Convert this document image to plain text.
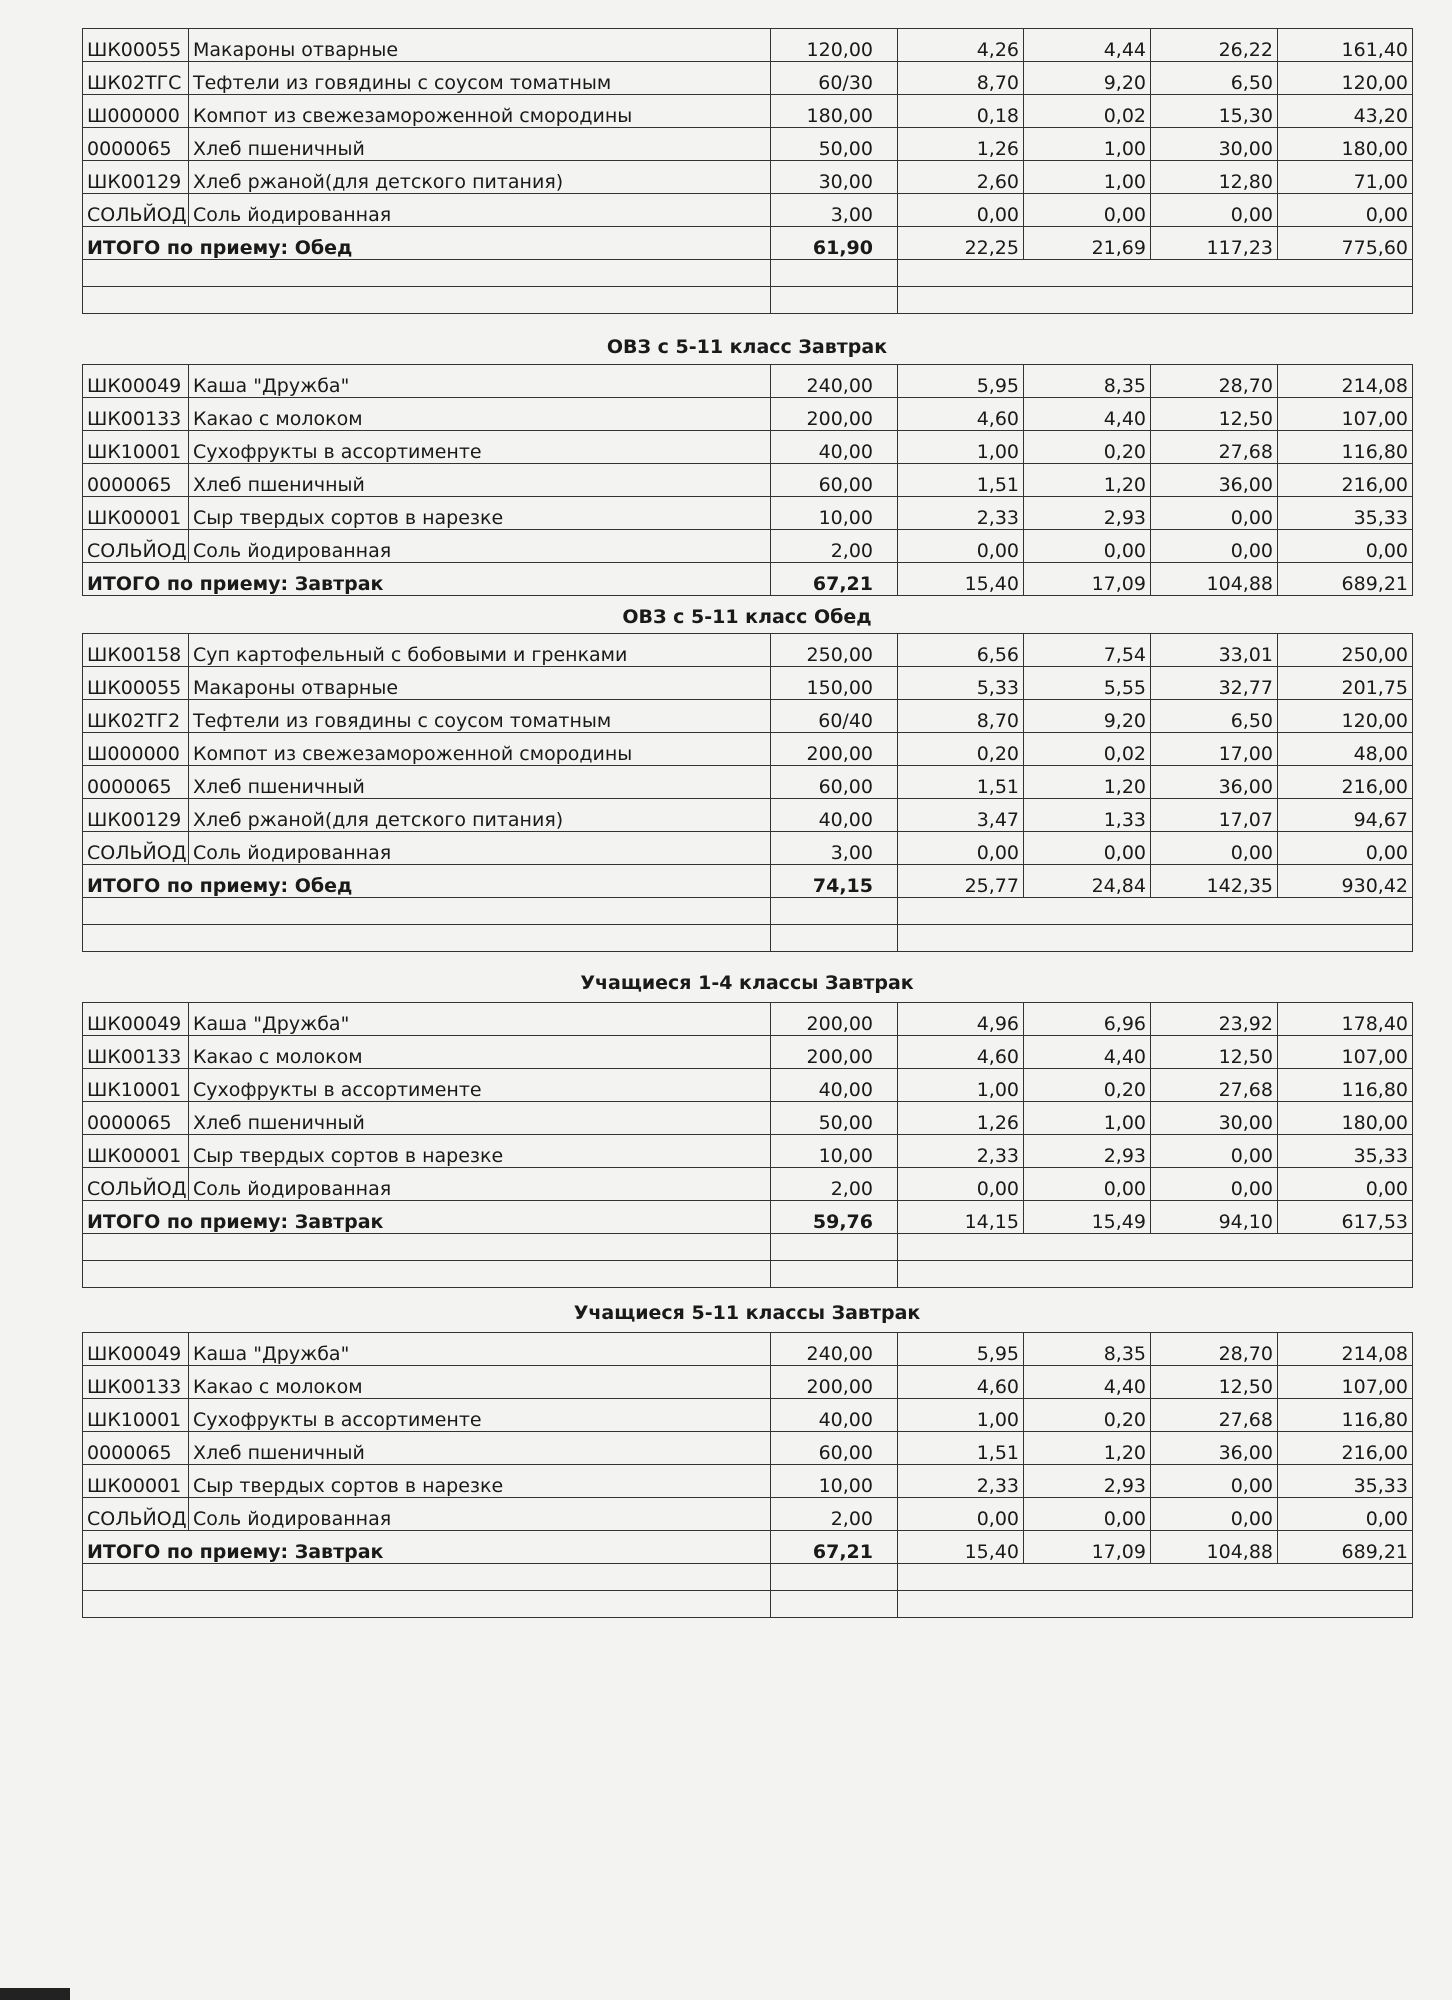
ШК00055	Макароны отварные	120,00	4,26	4,44	26,22	161,40
ШК02ТГС	Тефтели из говядины с соусом томатным	60/30	8,70	9,20	6,50	120,00
Ш000000	Компот из свежезамороженной смородины	180,00	0,18	0,02	15,30	43,20
0000065	Хлеб пшеничный	50,00	1,26	1,00	30,00	180,00
ШК00129	Хлеб ржаной(для детского питания)	30,00	2,60	1,00	12,80	71,00
СОЛЬЙОД	Соль йодированная	3,00	0,00	0,00	0,00	0,00
ИТОГО по приему: Обед		61,90	22,25	21,69	117,23	775,60

ОВЗ с 5-11 класс Завтрак
ШК00049	Каша "Дружба"	240,00	5,95	8,35	28,70	214,08
ШК00133	Какао с молоком	200,00	4,60	4,40	12,50	107,00
ШК10001	Сухофрукты в ассортименте	40,00	1,00	0,20	27,68	116,80
0000065	Хлеб пшеничный	60,00	1,51	1,20	36,00	216,00
ШК00001	Сыр твердых сортов в нарезке	10,00	2,33	2,93	0,00	35,33
СОЛЬЙОД	Соль йодированная	2,00	0,00	0,00	0,00	0,00
ИТОГО по приему: Завтрак		67,21	15,40	17,09	104,88	689,21
ОВЗ с 5-11 класс Обед
ШК00158	Суп картофельный с бобовыми и гренками	250,00	6,56	7,54	33,01	250,00
ШК00055	Макароны отварные	150,00	5,33	5,55	32,77	201,75
ШК02ТГ2	Тефтели из говядины с соусом томатным	60/40	8,70	9,20	6,50	120,00
Ш000000	Компот из свежезамороженной смородины	200,00	0,20	0,02	17,00	48,00
0000065	Хлеб пшеничный	60,00	1,51	1,20	36,00	216,00
ШК00129	Хлеб ржаной(для детского питания)	40,00	3,47	1,33	17,07	94,67
СОЛЬЙОД	Соль йодированная	3,00	0,00	0,00	0,00	0,00
ИТОГО по приему: Обед		74,15	25,77	24,84	142,35	930,42

Учащиеся 1-4 классы Завтрак
ШК00049	Каша "Дружба"	200,00	4,96	6,96	23,92	178,40
ШК00133	Какао с молоком	200,00	4,60	4,40	12,50	107,00
ШК10001	Сухофрукты в ассортименте	40,00	1,00	0,20	27,68	116,80
0000065	Хлеб пшеничный	50,00	1,26	1,00	30,00	180,00
ШК00001	Сыр твердых сортов в нарезке	10,00	2,33	2,93	0,00	35,33
СОЛЬЙОД	Соль йодированная	2,00	0,00	0,00	0,00	0,00
ИТОГО по приему: Завтрак		59,76	14,15	15,49	94,10	617,53

Учащиеся 5-11 классы Завтрак
ШК00049	Каша "Дружба"	240,00	5,95	8,35	28,70	214,08
ШК00133	Какао с молоком	200,00	4,60	4,40	12,50	107,00
ШК10001	Сухофрукты в ассортименте	40,00	1,00	0,20	27,68	116,80
0000065	Хлеб пшеничный	60,00	1,51	1,20	36,00	216,00
ШК00001	Сыр твердых сортов в нарезке	10,00	2,33	2,93	0,00	35,33
СОЛЬЙОД	Соль йодированная	2,00	0,00	0,00	0,00	0,00
ИТОГО по приему: Завтрак		67,21	15,40	17,09	104,88	689,21
